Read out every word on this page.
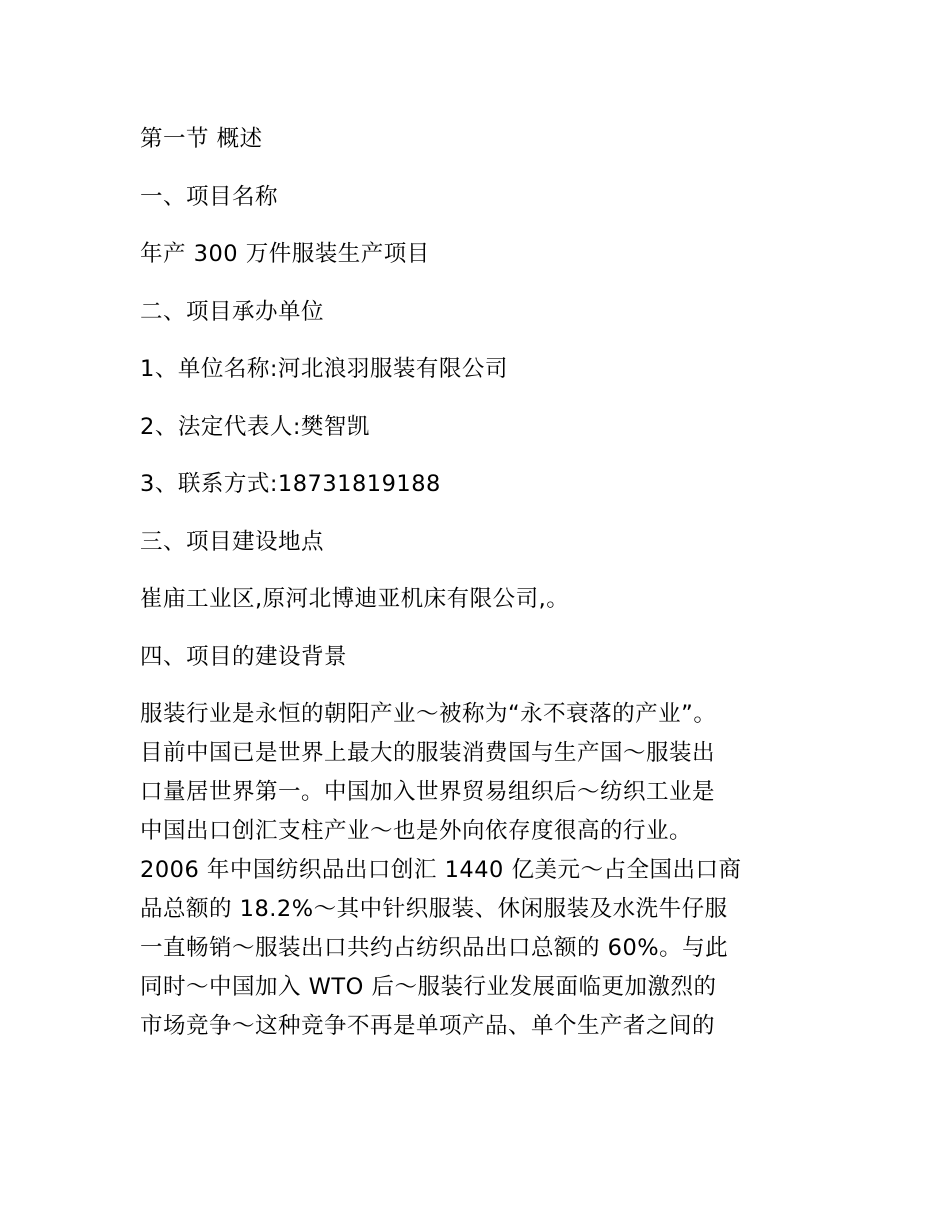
第一节 概述
一、项目名称
年产 300 万件服装生产项目
二、项目承办单位
1、单位名称:河北浪羽服装有限公司
2、法定代表人:樊智凯
3、联系方式:18731819188
三、项目建设地点
崔庙工业区,原河北博迪亚机床有限公司,。
四、项目的建设背景
服装行业是永恒的朝阳产业～被称为“永不衰落的产业”。
目前中国已是世界上最大的服装消费国与生产国～服装出
口量居世界第一。中国加入世界贸易组织后～纺织工业是
中国出口创汇支柱产业～也是外向依存度很高的行业。
2006 年中国纺织品出口创汇 1440 亿美元～占全国出口商
品总额的 18.2%～其中针织服装、休闲服装及水洗牛仔服
一直畅销～服装出口共约占纺织品出口总额的 60%。与此
同时～中国加入 WTO 后～服装行业发展面临更加激烈的
市场竞争～这种竞争不再是单项产品、单个生产者之间的
